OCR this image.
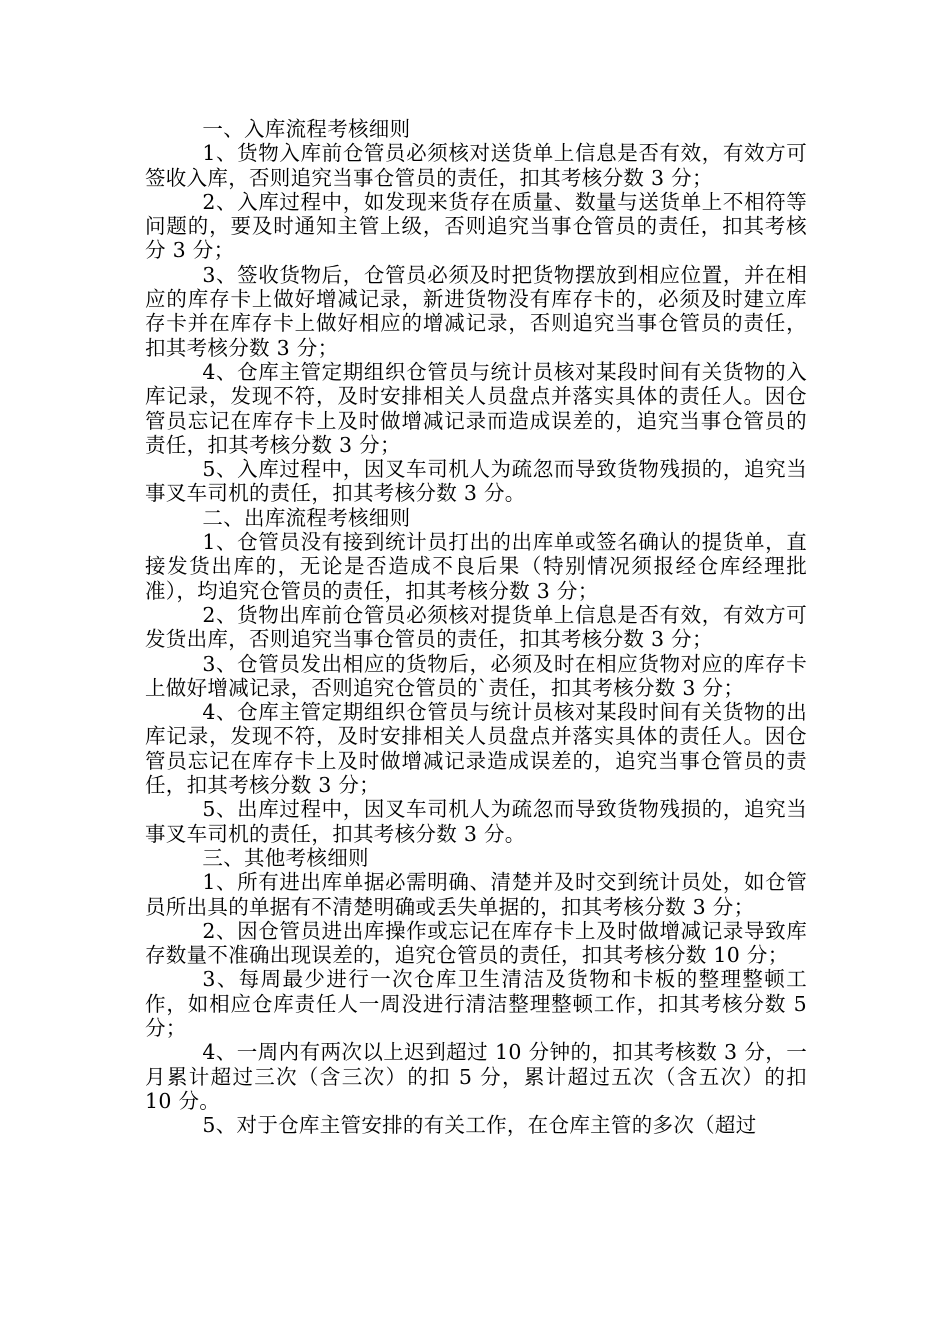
一、入库流程考核细则

1、货物入库前仓管员必须核对送货单上信息是否有效，有效方可签收入库，否则追究当事仓管员的责任，扣其考核分数 3 分；

2、入库过程中，如发现来货存在质量、数量与送货单上不相符等问题的，要及时通知主管上级，否则追究当事仓管员的责任，扣其考核分 3 分；

3、签收货物后，仓管员必须及时把货物摆放到相应位置，并在相应的库存卡上做好增减记录，新进货物没有库存卡的，必须及时建立库存卡并在库存卡上做好相应的增减记录，否则追究当事仓管员的责任，扣其考核分数 3 分；

4、仓库主管定期组织仓管员与统计员核对某段时间有关货物的入库记录，发现不符，及时安排相关人员盘点并落实具体的责任人。因仓管员忘记在库存卡上及时做增减记录而造成误差的，追究当事仓管员的责任，扣其考核分数 3 分；

5、入库过程中，因叉车司机人为疏忽而导致货物残损的，追究当事叉车司机的责任，扣其考核分数 3 分。

二、出库流程考核细则

1、仓管员没有接到统计员打出的出库单或签名确认的提货单，直接发货出库的，无论是否造成不良后果（特别情况须报经仓库经理批准），均追究仓管员的责任，扣其考核分数 3 分；

2、货物出库前仓管员必须核对提货单上信息是否有效，有效方可发货出库，否则追究当事仓管员的责任，扣其考核分数 3 分；

3、仓管员发出相应的货物后，必须及时在相应货物对应的库存卡上做好增减记录，否则追究仓管员的`责任，扣其考核分数 3 分；

4、仓库主管定期组织仓管员与统计员核对某段时间有关货物的出库记录，发现不符，及时安排相关人员盘点并落实具体的责任人。因仓管员忘记在库存卡上及时做增减记录造成误差的，追究当事仓管员的责任，扣其考核分数 3 分；

5、出库过程中，因叉车司机人为疏忽而导致货物残损的，追究当事叉车司机的责任，扣其考核分数 3 分。

三、其他考核细则

1、所有进出库单据必需明确、清楚并及时交到统计员处，如仓管员所出具的单据有不清楚明确或丢失单据的，扣其考核分数 3 分；

2、因仓管员进出库操作或忘记在库存卡上及时做增减记录导致库存数量不准确出现误差的，追究仓管员的责任，扣其考核分数 10 分；

3、每周最少进行一次仓库卫生清洁及货物和卡板的整理整顿工作，如相应仓库责任人一周没进行清洁整理整顿工作，扣其考核分数 5 分；

4、一周内有两次以上迟到超过 10 分钟的，扣其考核数 3 分，一月累计超过三次（含三次）的扣 5 分，累计超过五次（含五次）的扣 10 分。

5、对于仓库主管安排的有关工作，在仓库主管的多次（超过
